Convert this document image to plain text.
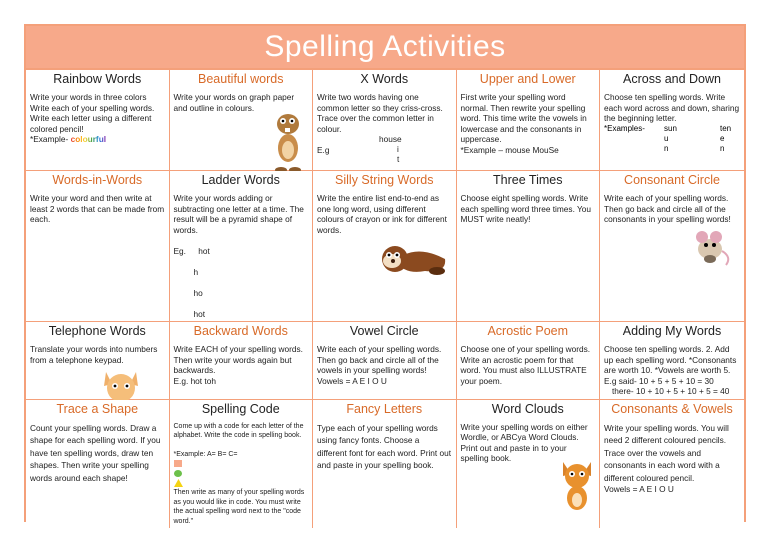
Spelling Activities
Rainbow Words
Write your words in three colors Write each of your spelling words. Write each letter using a different colored pencil!
*Example- colourful
Beautiful words
Write your words on graph paper and outline in colours.
X Words
Write two words having one common letter so they criss-cross. Trace over the common letter in colour.

E.g

house

i

t

Upper and Lower
First write your spelling word normal. Then rewrite your spelling word. This time write the vowels in lowercase and the consonants in uppercase.
*Example – mouse MouSe
Across and Down
Choose ten spelling words. Write each word across and down, sharing the beginning letter.
*Examples-	sun	ten
u	e
n	n
Words-in-Words
Write your word and then write at least 2 words that can be made from each.
Ladder Words
Write your words adding or subtracting one letter at a time. The result will be a pyramid shape of words.

Eg. hot

h

ho

hot

Silly String Words
Write the entire list end-to-end as one long word, using different colours of crayon or ink for different words.
Three Times
Choose eight spelling words. Write each spelling word three times. You MUST write neatly!
Consonant Circle
Write each of your spelling words. Then go back and circle all of the consonants in your spelling words!
Telephone Words
Translate your words into numbers from a telephone keypad.
Backward Words
Write EACH of your spelling words. Then write your words again but backwards.
E.g. hot toh
Vowel Circle
Write each of your spelling words. Then go back and circle all of the vowels in your spelling words!
Vowels = A E I O U
Acrostic Poem
Choose one of your spelling words. Write an acrostic poem for that word. You must also ILLUSTRATE your poem.
Adding My Words
Choose ten spelling words. 2. Add up each spelling word. *Consonants are worth 10. *Vowels are worth 5.
E.g said- 10 + 5 + 5 + 10 = 30
there- 10 + 10 + 5 + 10 + 5 = 40
Trace a Shape
Count your spelling words. Draw a shape for each spelling word. If you have ten spelling words, draw ten shapes. Then write your spelling words around each shape!
Spelling Code
Come up with a code for each letter of the alphabet. Write the code in spelling book.

*Example: A= B= C=

Then write as many of your spelling words as you would like in code. You must write the actual spelling word next to the "code word."
Fancy Letters
Type each of your spelling words using fancy fonts. Choose a different font for each word. Print out and paste in your spelling book.
Word Clouds
Write your spelling words on either Wordle, or ABCya Word Clouds. Print out and paste in to your spelling book.
Consonants & Vowels
Write your spelling words. You will need 2 different coloured pencils. Trace over the vowels and consonants in each word with a different coloured pencil.
Vowels = A E I O U
